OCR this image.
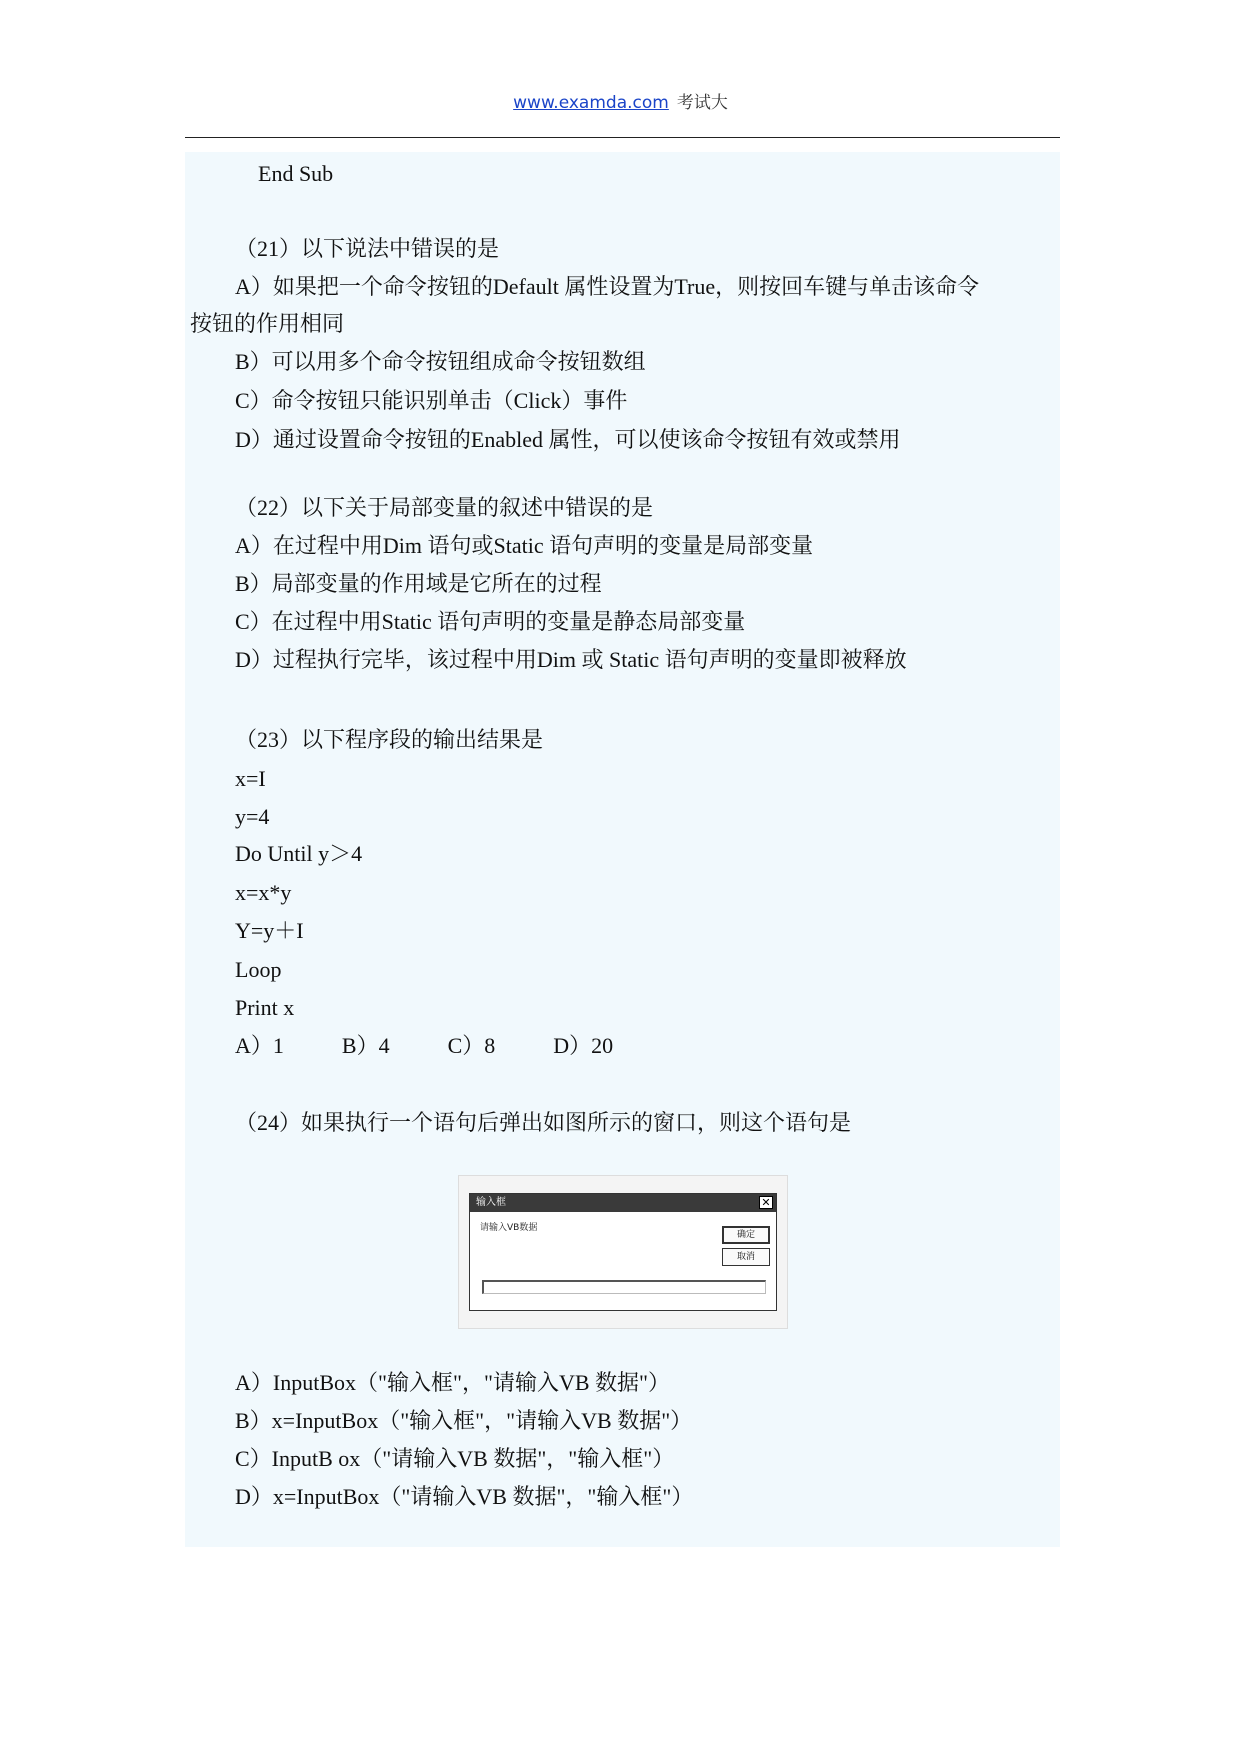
www.examda.com 考试大
End Sub
（21）以下说法中错误的是
A）如果把一个命令按钮的Default 属性设置为True，则按回车键与单击该命令
按钮的作用相同
B）可以用多个命令按钮组成命令按钮数组
C）命令按钮只能识别单击（Click）事件
D）通过设置命令按钮的Enabled 属性，可以使该命令按钮有效或禁用
（22）以下关于局部变量的叙述中错误的是
A）在过程中用Dim 语句或Static 语句声明的变量是局部变量
B）局部变量的作用域是它所在的过程
C）在过程中用Static 语句声明的变量是静态局部变量
D）过程执行完毕，该过程中用Dim 或 Static 语句声明的变量即被释放
（23）以下程序段的输出结果是
x=I
y=4
Do Until y＞4
x=x*y
Y=y＋I
Loop
Print x
A）1	B）4	C）8	D）20
（24）如果执行一个语句后弹出如图所示的窗口，则这个语句是
输入框	✕
请输入VB数据
确定
取消
A）InputBox（"输入框"，"请输入VB 数据"）
B）x=InputBox（"输入框"，"请输入VB 数据"）
C）InputB ox（"请输入VB 数据"，"输入框"）
D）x=InputBox（"请输入VB 数据"，"输入框"）
